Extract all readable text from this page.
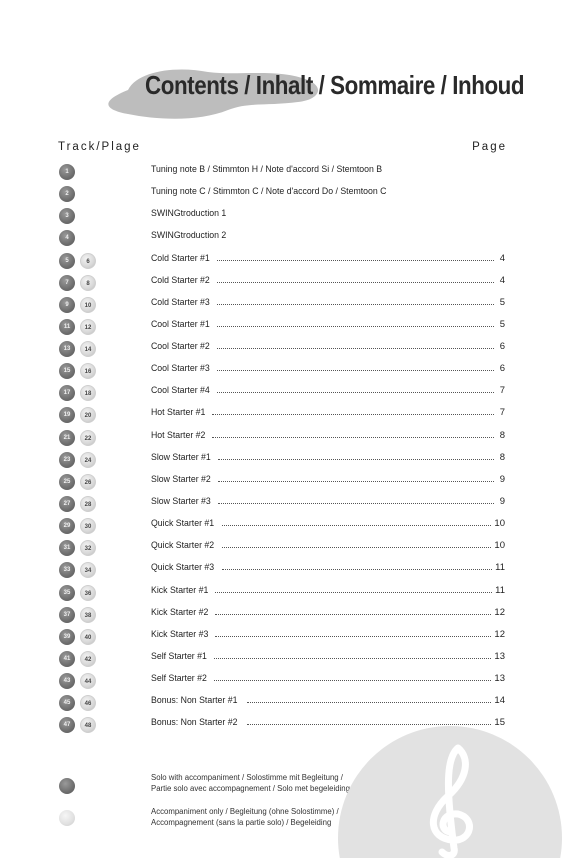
Contents / Inhalt / Sommaire / Inhoud
Track/Plage	Page
1	Tuning note B / Stimmton H / Note d'accord Si / Stemtoon B
2	Tuning note C / Stimmton C / Note d'accord Do / Stemtoon C
3	SWINGtroduction 1
4	SWINGtroduction 2
5	6	Cold Starter #1	4
7	8	Cold Starter #2	4
9	10	Cold Starter #3	5
11	12	Cool Starter #1	5
13	14	Cool Starter #2	6
15	16	Cool Starter #3	6
17	18	Cool Starter #4	7
19	20	Hot Starter #1	7
21	22	Hot Starter #2	8
23	24	Slow Starter #1	8
25	26	Slow Starter #2	9
27	28	Slow Starter #3	9
29	30	Quick Starter #1	10
31	32	Quick Starter #2	10
33	34	Quick Starter #3	11
35	36	Kick Starter #1	11
37	38	Kick Starter #2	12
39	40	Kick Starter #3	12
41	42	Self Starter #1	13
43	44	Self Starter #2	13
45	46	Bonus: Non Starter #1	14
47	48	Bonus: Non Starter #2	15
Solo with accompaniment / Solostimme mit Begleitung /
Partie solo avec accompagnement / Solo met begeleiding
Accompaniment only / Begleitung (ohne Solostimme) /
Accompagnement (sans la partie solo) / Begeleiding
